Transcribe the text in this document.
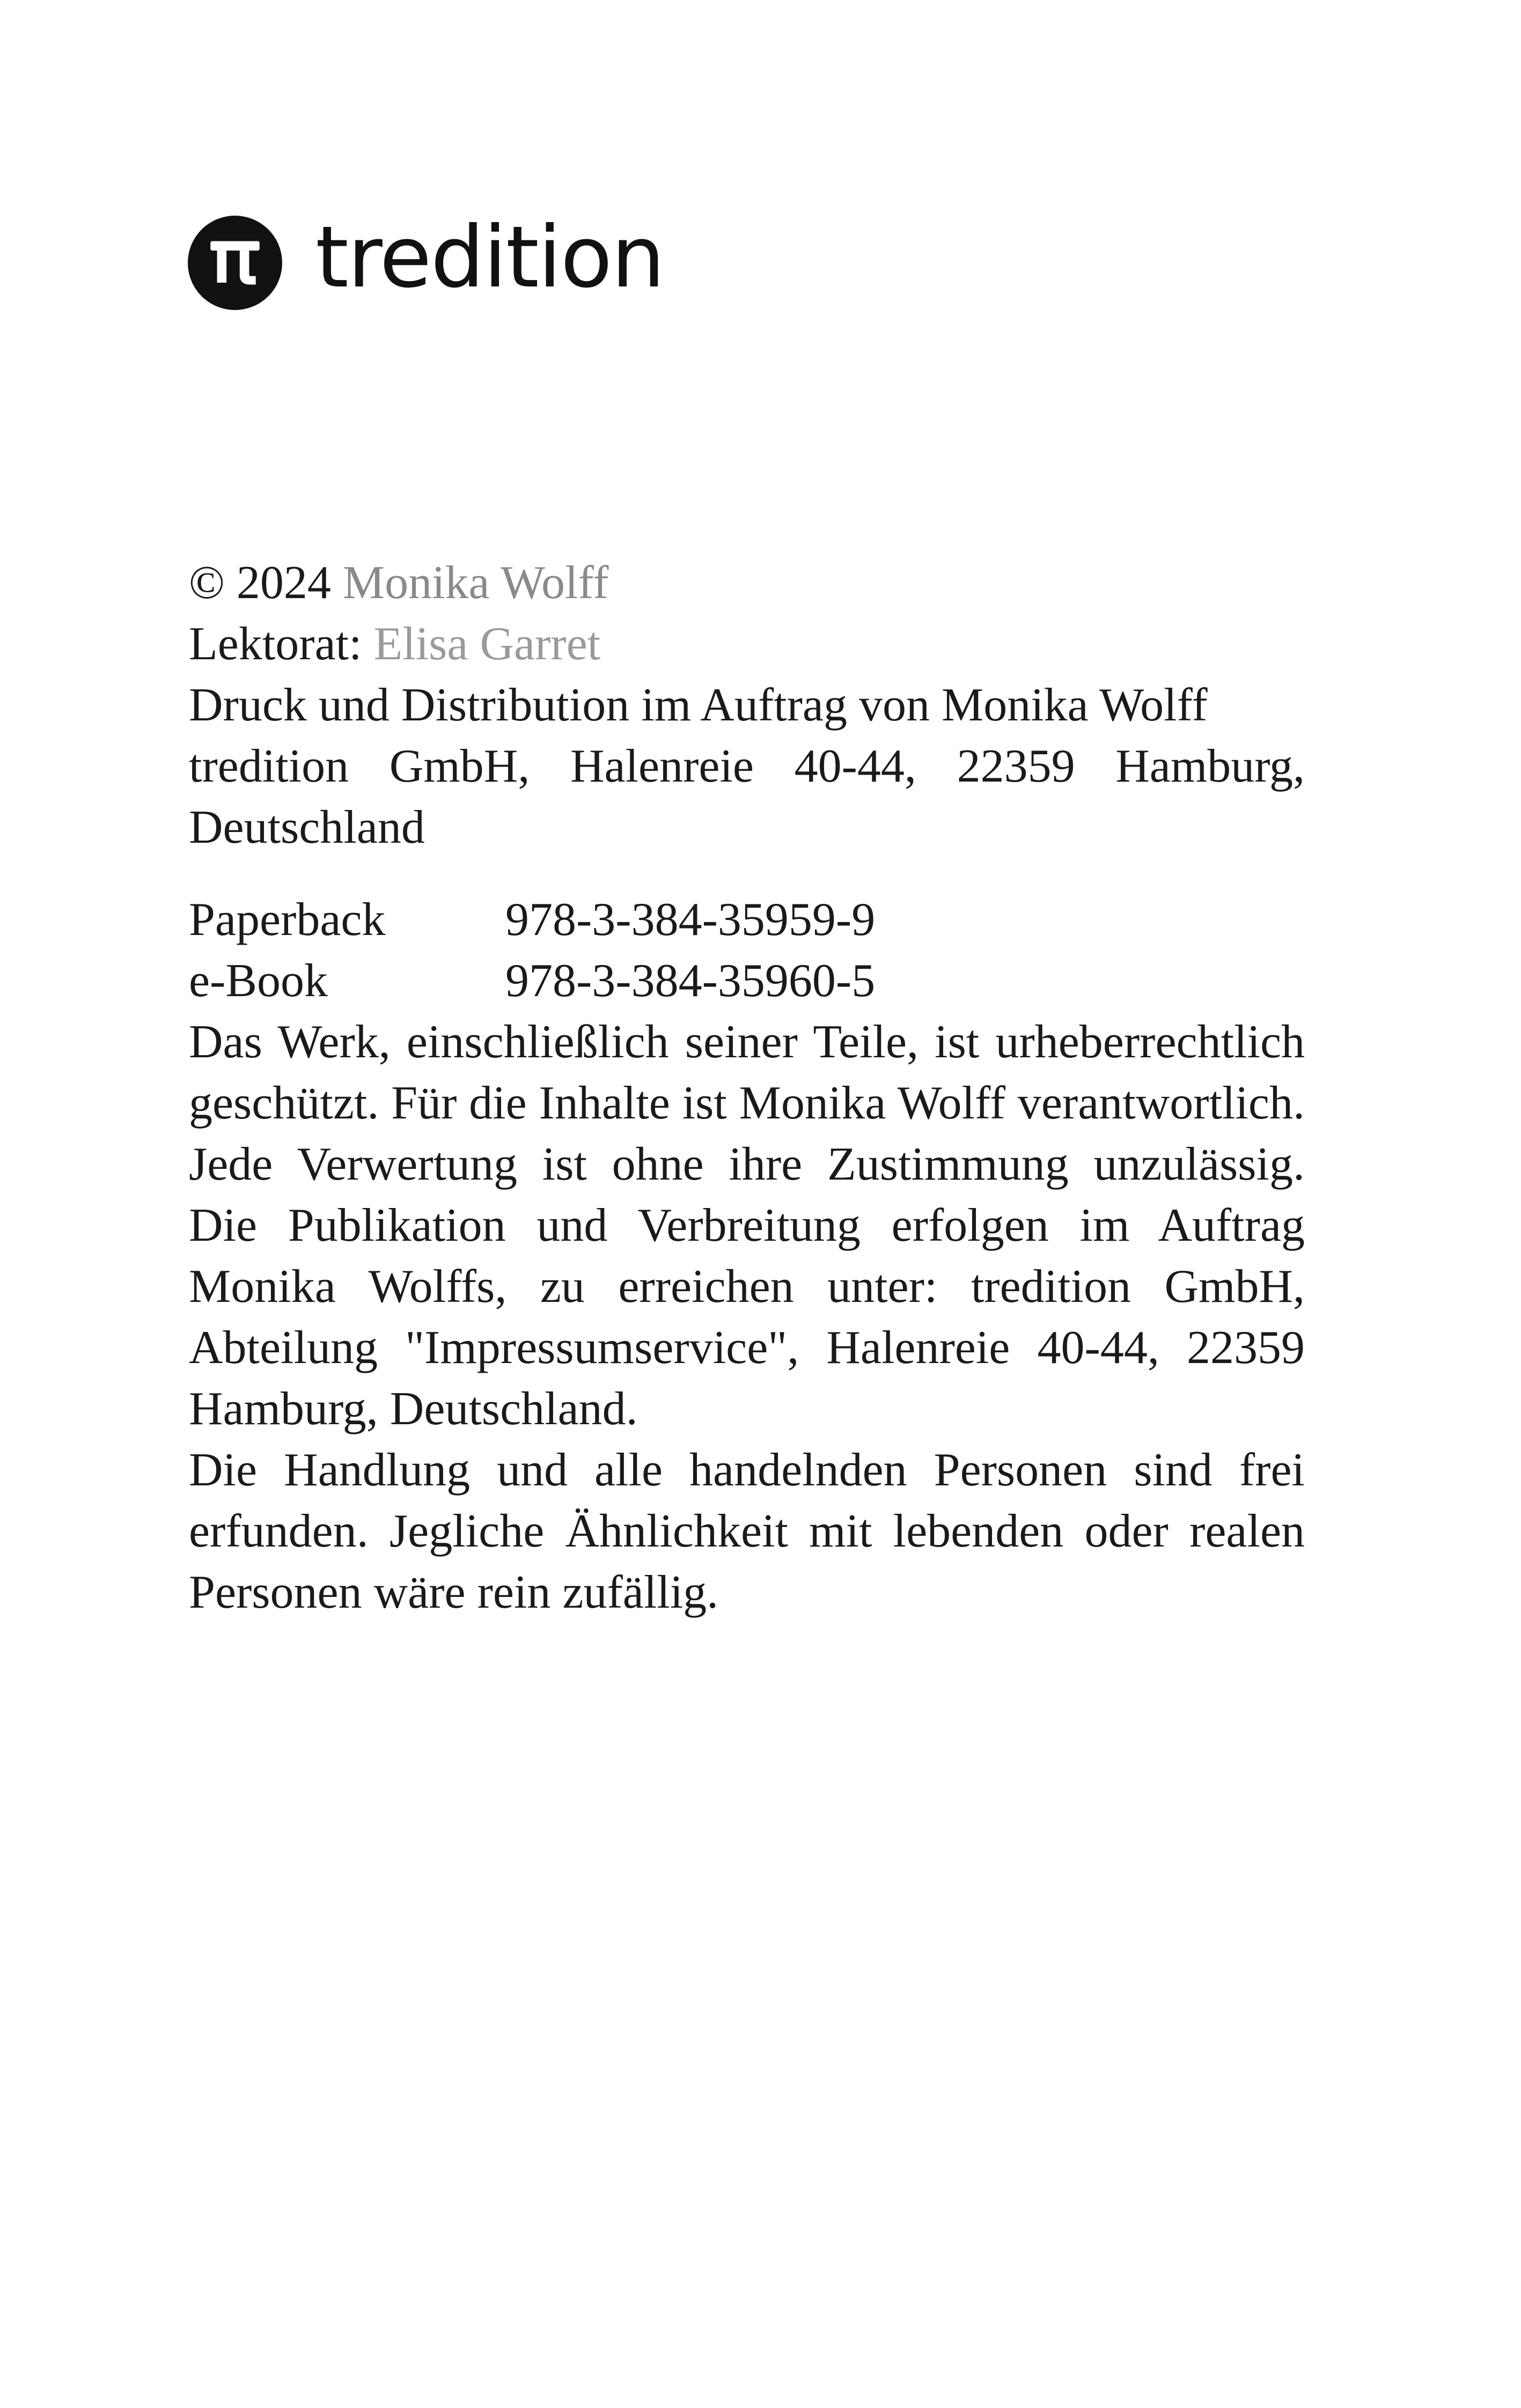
tredition

© 2024 Monika Wolff

Lektorat: Elisa Garret

Druck und Distribution im Auftrag von Monika Wolff

tredition GmbH, Halenreie 40-44, 22359 Hamburg, Deutschland

Paperback	978-3-384-35959-9
e-Book	978-3-384-35960-5

Das Werk, einschließlich seiner Teile, ist urheberrechtlich geschützt. Für die Inhalte ist Monika Wolff verantwortlich. Jede Verwertung ist ohne ihre Zustimmung unzulässig. Die Publikation und Verbreitung erfolgen im Auftrag Monika Wolffs, zu erreichen unter: tredition GmbH, Abteilung "Impressumservice", Halenreie 40-44, 22359 Hamburg, Deutschland.

Die Handlung und alle handelnden Personen sind frei erfunden. Jegliche Ähnlichkeit mit lebenden oder realen Personen wäre rein zufällig.
